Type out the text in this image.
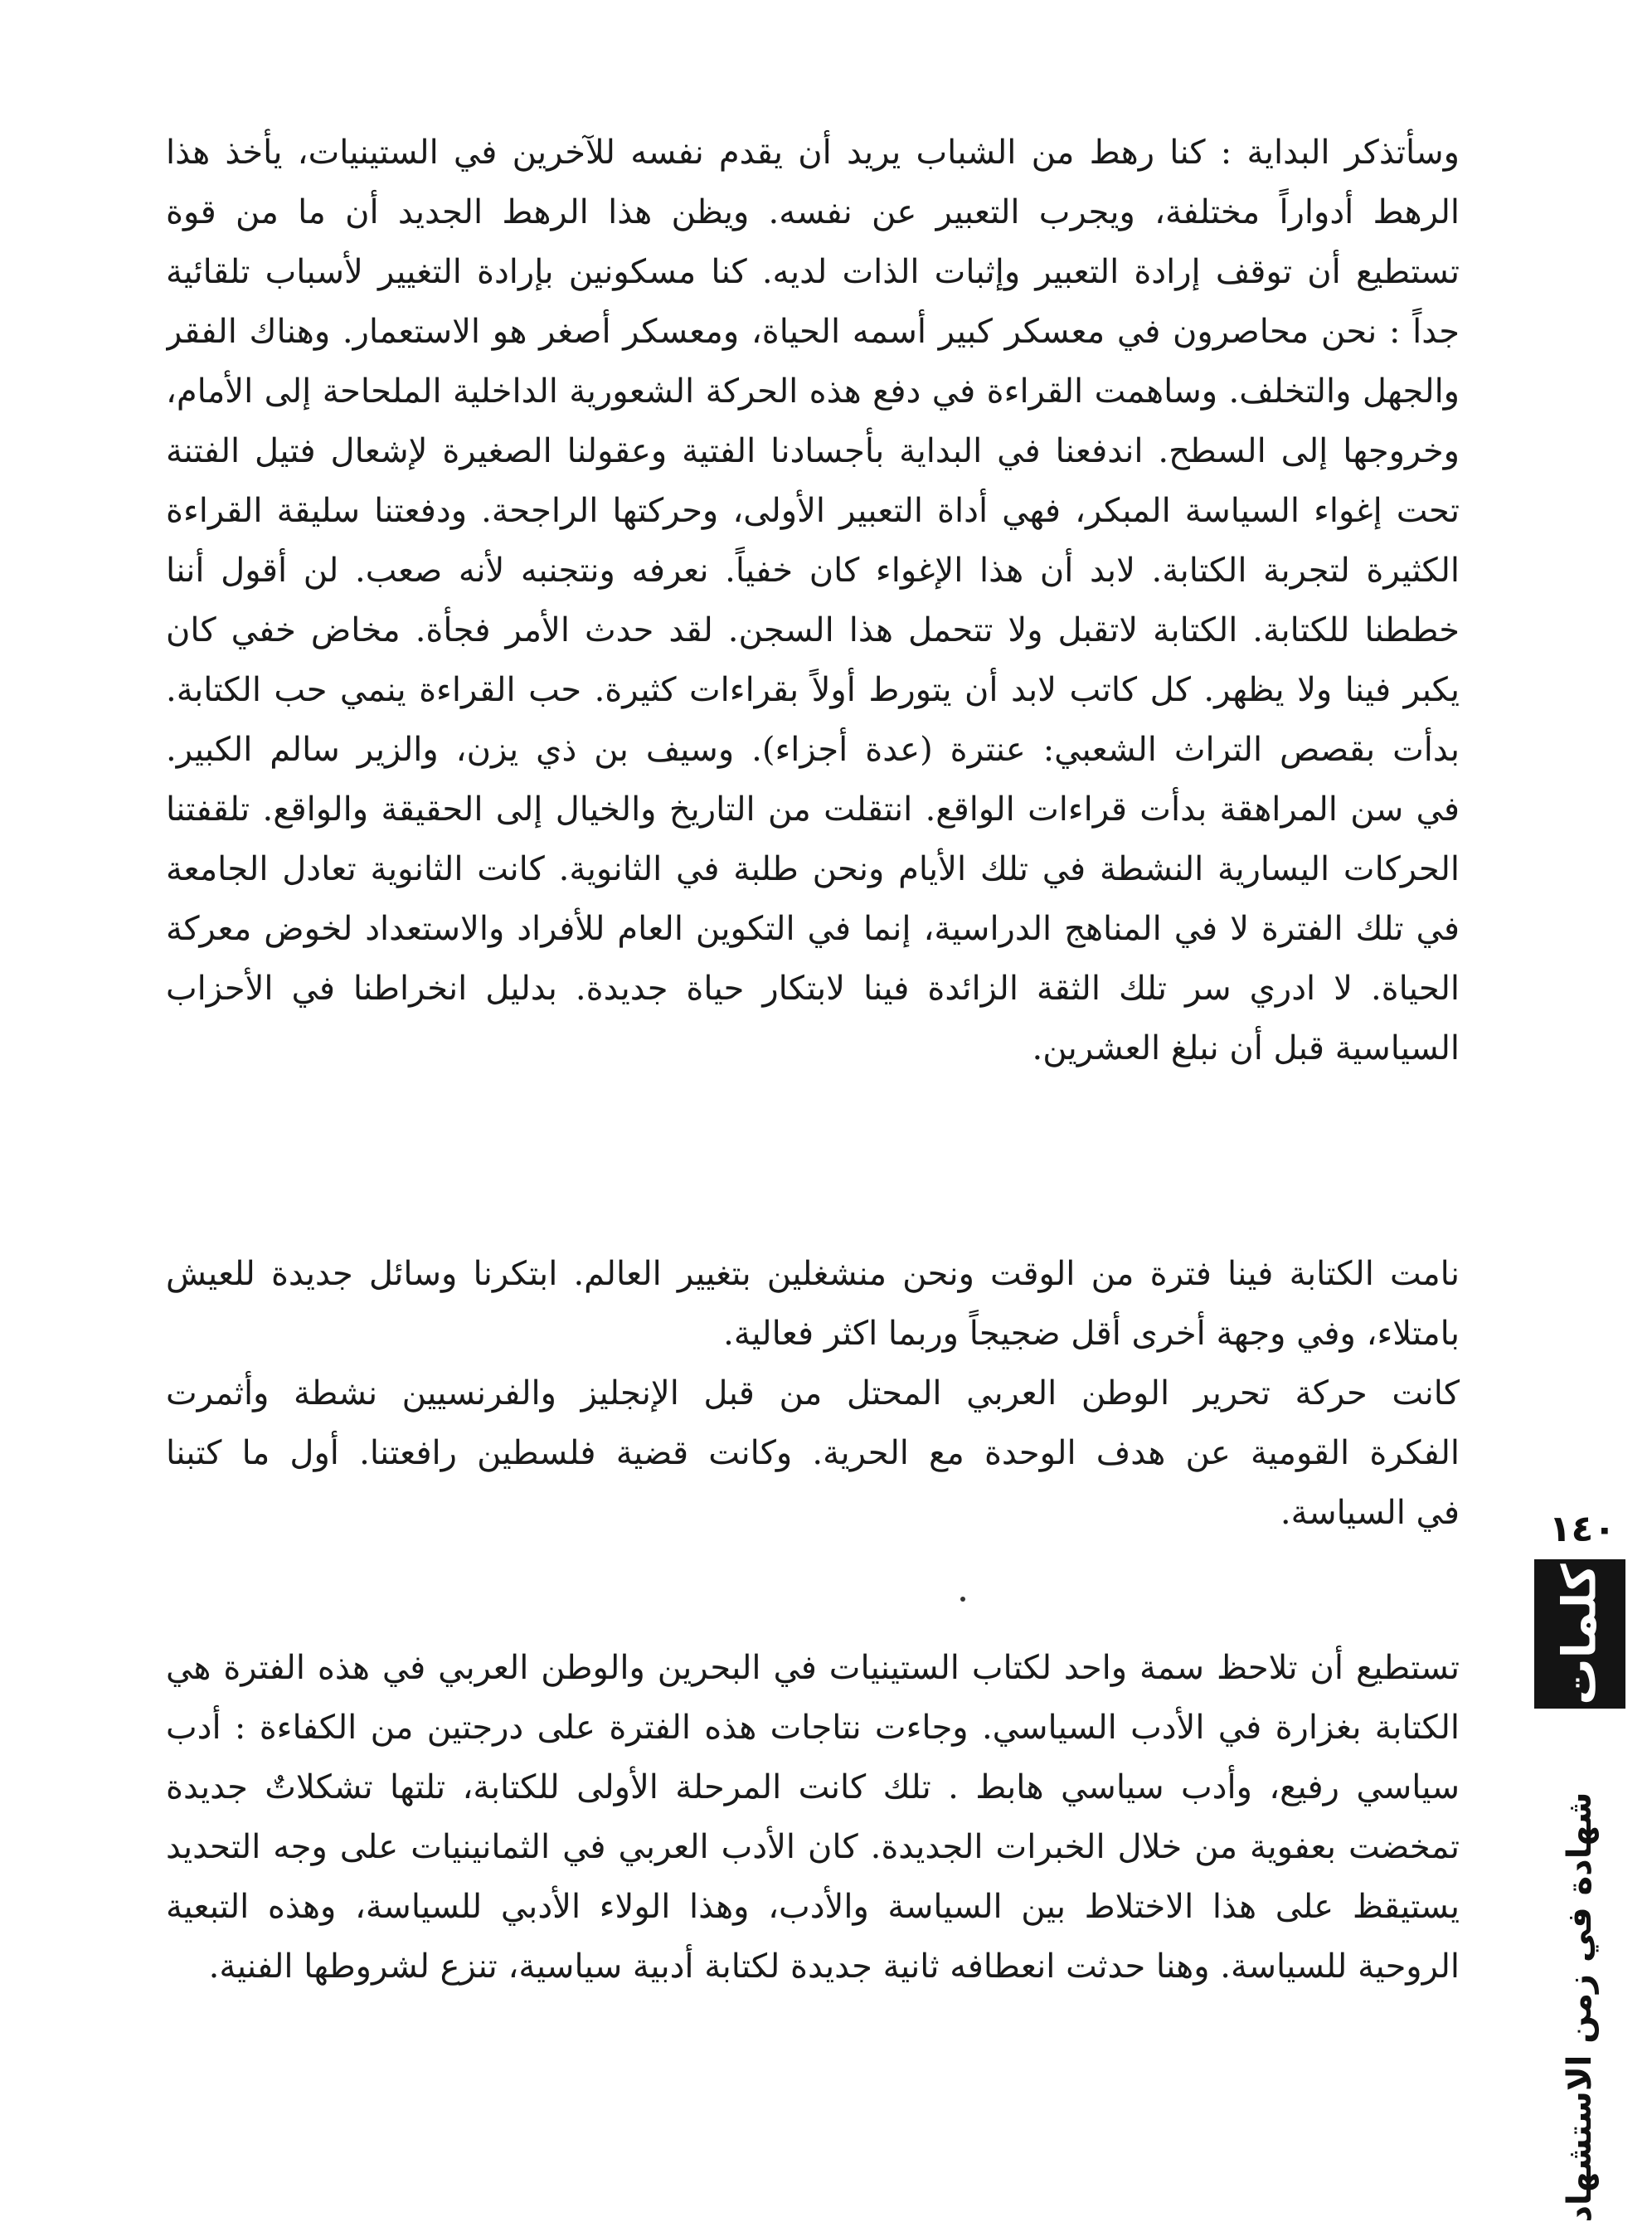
وسأتذكر البداية : كنا رهط من الشباب يريد أن يقدم نفسه للآخرين في الستينيات، يأخذ هذا
الرهط أدواراً مختلفة، ويجرب التعبير عن نفسه. ويظن هذا الرهط الجديد أن ما من قوة
تستطيع أن توقف إرادة التعبير وإثبات الذات لديه. كنا مسكونين بإرادة التغيير لأسباب تلقائية
جداً : نحن محاصرون في معسكر كبير أسمه الحياة، ومعسكر أصغر هو الاستعمار. وهناك الفقر
والجهل والتخلف. وساهمت القراءة في دفع هذه الحركة الشعورية الداخلية الملحاحة إلى الأمام،
وخروجها إلى السطح. اندفعنا في البداية بأجسادنا الفتية وعقولنا الصغيرة لإشعال فتيل الفتنة
تحت إغواء السياسة المبكر، فهي أداة التعبير الأولى، وحركتها الراجحة. ودفعتنا سليقة القراءة
الكثيرة لتجربة الكتابة. لابد أن هذا الإغواء كان خفياً. نعرفه ونتجنبه لأنه صعب. لن أقول أننا
خططنا للكتابة. الكتابة لاتقبل ولا تتحمل هذا السجن. لقد حدث الأمر فجأة. مخاض خفي كان
يكبر فينا ولا يظهر. كل كاتب لابد أن يتورط أولاً بقراءات كثيرة. حب القراءة ينمي حب الكتابة.
بدأت بقصص التراث الشعبي: عنترة (عدة أجزاء). وسيف بن ذي يزن، والزير سالم الكبير.
في سن المراهقة بدأت قراءات الواقع. انتقلت من التاريخ والخيال إلى الحقيقة والواقع. تلقفتنا
الحركات اليسارية النشطة في تلك الأيام ونحن طلبة في الثانوية. كانت الثانوية تعادل الجامعة
في تلك الفترة لا في المناهج الدراسية، إنما في التكوين العام للأفراد والاستعداد لخوض معركة
الحياة. لا ادري سر تلك الثقة الزائدة فينا لابتكار حياة جديدة. بدليل انخراطنا في الأحزاب
السياسية قبل أن نبلغ العشرين.
نامت الكتابة فينا فترة من الوقت ونحن منشغلين بتغيير العالم. ابتكرنا وسائل جديدة للعيش
بامتلاء، وفي وجهة أخرى أقل ضجيجاً وربما اكثر فعالية.
كانت حركة تحرير الوطن العربي المحتل من قبل الإنجليز والفرنسيين نشطة وأثمرت
الفكرة القومية عن هدف الوحدة مع الحرية. وكانت قضية فلسطين رافعتنا. أول ما كتبنا
في السياسة.
تستطيع أن تلاحظ سمة واحد لكتاب الستينيات في البحرين والوطن العربي في هذه الفترة هي
الكتابة بغزارة في الأدب السياسي. وجاءت نتاجات هذه الفترة على درجتين من الكفاءة : أدب
سياسي رفيع، وأدب سياسي هابط . تلك كانت المرحلة الأولى للكتابة، تلتها تشكلاتٌ جديدة
تمخضت بعفوية من خلال الخبرات الجديدة. كان الأدب العربي في الثمانينيات على وجه التحديد
يستيقظ على هذا الاختلاط بين السياسة والأدب، وهذا الولاء الأدبي للسياسة، وهذه التبعية
الروحية للسياسة. وهنا حدثت انعطافه ثانية جديدة لكتابة أدبية سياسية، تنزع لشروطها الفنية.
١٤٠
كلمات
شهادة في زمن الاستشهاد
